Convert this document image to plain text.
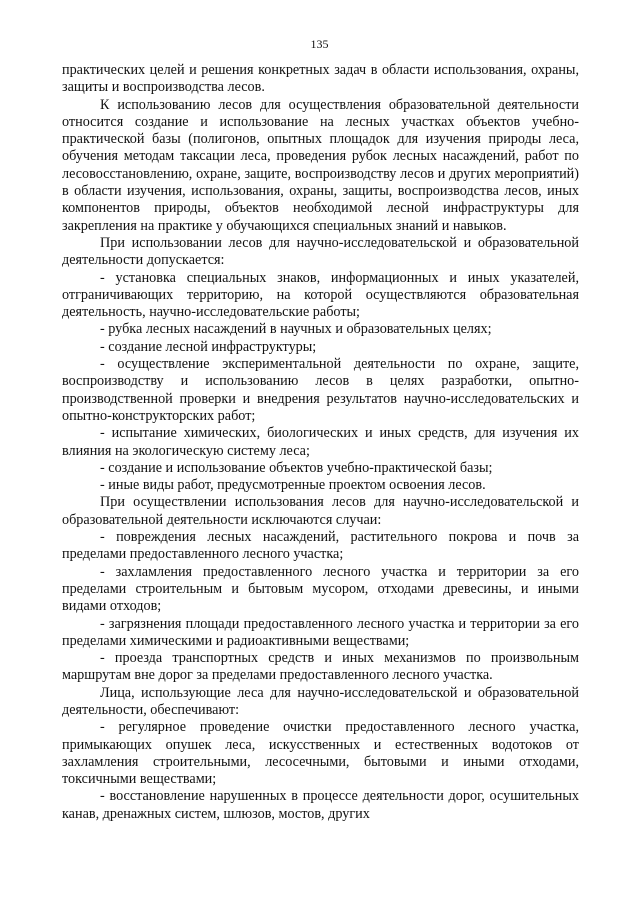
135

практических целей и решения конкретных задач в области использования, охраны, защиты и воспроизводства лесов.

К использованию лесов для осуществления образовательной деятельности относится создание и использование на лесных участках объектов учебно-практической базы (полигонов, опытных площадок для изучения природы леса, обучения методам таксации леса, проведения рубок лесных насаждений, работ по лесовосстановлению, охране, защите, воспроизводству лесов и других мероприятий) в области изучения, использования, охраны, защиты, воспроизводства лесов, иных компонентов природы, объектов необходимой лесной инфраструктуры для закрепления на практике у обучающихся специальных знаний и навыков.

При использовании лесов для научно-исследовательской и образовательной деятельности допускается:

- установка специальных знаков, информационных и иных указателей, отграничивающих территорию, на которой осуществляются образовательная деятельность, научно-исследовательские работы;

- рубка лесных насаждений в научных и образовательных целях;

- создание лесной инфраструктуры;

- осуществление экспериментальной деятельности по охране, защите, воспроизводству и использованию лесов в целях разработки, опытно-производственной проверки и внедрения результатов научно-исследовательских и опытно-конструкторских работ;

- испытание химических, биологических и иных средств, для изучения их влияния на экологическую систему леса;

- создание и использование объектов учебно-практической базы;

- иные виды работ, предусмотренные проектом освоения лесов.

При осуществлении использования лесов для научно-исследовательской и образовательной деятельности исключаются случаи:

- повреждения лесных насаждений, растительного покрова и почв за пределами предоставленного лесного участка;

- захламления предоставленного лесного участка и территории за его пределами строительным и бытовым мусором, отходами древесины, и иными видами отходов;

- загрязнения площади предоставленного лесного участка и территории за его пределами химическими и радиоактивными веществами;

- проезда транспортных средств и иных механизмов по произвольным маршрутам вне дорог за пределами предоставленного лесного участка.

Лица, использующие леса для научно-исследовательской и образовательной деятельности, обеспечивают:

- регулярное проведение очистки предоставленного лесного участка, примыкающих опушек леса, искусственных и естественных водотоков от захламления строительными, лесосечными, бытовыми и иными отходами, токсичными веществами;

- восстановление нарушенных в процессе деятельности дорог, осушительных канав, дренажных систем, шлюзов, мостов, других
